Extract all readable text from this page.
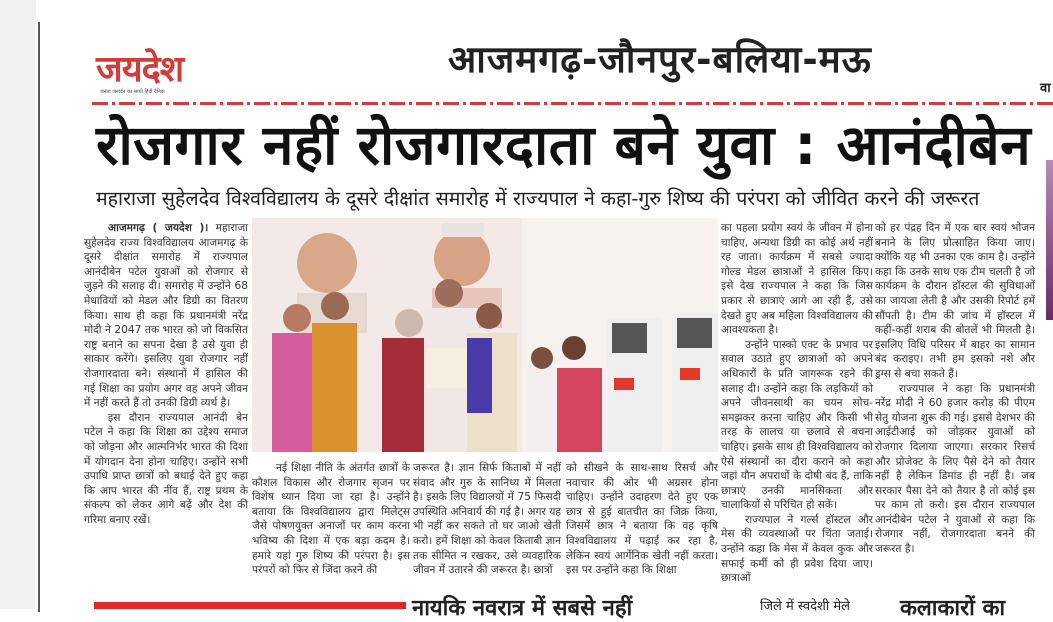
जयदेश
जनता जनार्दन का साथी हिंदी दैनिक
आजमगढ़-जौनपुर-बलिया-मऊ
वा
रोजगार नहीं रोजगारदाता बने युवा : आनंदीबेन
महाराजा सुहेलदेव विश्वविद्यालय के दूसरे दीक्षांत समारोह में राज्यपाल ने कहा-गुरु शिष्य की परंपरा को जीवित करने की जरूरत

आजमगढ़ ( जयदेश )। महाराजा सुहेलदेव राज्य विश्वविद्यालय आजमगढ़ के दूसरे दीक्षांत समारोह में राज्यपाल आनंदीबेन पटेल युवाओं को रोजगार से जुड़ने की सलाह दी। समारोह में उन्होंने 68 मेधावियों को मेडल और डिग्री का वितरण किया। साथ ही कहा कि प्रधानमंत्री नरेंद्र मोदी ने 2047 तक भारत को जो विकसित राष्ट्र बनाने का सपना देखा है उसे युवा ही साकार करेंगे। इसलिए युवा रोजगार नहीं रोजगारदाता बने। संस्थानों में हासिल की गई शिक्षा का प्रयोग अगर वह अपने जीवन में नहीं करते हैं तो उनकी डिग्री व्यर्थ है।

इस दौरान राज्यपाल आनंदी बेन पटेल ने कहा कि शिक्षा का उद्देश्य समाज को जोड़ना और आत्मनिर्भर भारत की दिशा में योगदान देना होना चाहिए। उन्होंने सभी उपाधि प्राप्त छात्रों को बधाई देते हुए कहा कि आप भारत की नींव हैं, राष्ट्र प्रथम के संकल्प को लेकर आगे बढ़ें और देश की गरिमा बनाए रखें।

नई शिक्षा नीति के अंतर्गत छात्रों के कौशल विकास और रोजगार सृजन पर विशेष ध्यान दिया जा रहा है। उन्होंने बताया कि विश्वविद्यालय द्वारा मिलेट्स जैसे पोषणयुक्त अनाजों पर काम करना भविष्य की दिशा में एक बड़ा कदम है। हमारे यहां गुरु शिष्य की परंपरा है। इस परंपरों को फिर से जिंदा करने की

जरूरत है। ज्ञान सिर्फ किताबों में नहीं संवाद और गुरु के सानिध्य में मिलता है। इसके लिए विद्यालयों में 75 फिसदी उपस्थिति अनिवार्य की गई है। अगर यह भी नहीं कर सकते तो घर जाओ खेती करो। हमें शिक्षा को केवल किताबी ज्ञान तक सीमित न रखकर, उसे व्यवहारिक जीवन में उतारने की जरूरत है। छात्रों

को सीखने के साथ-साथ रिसर्च और नवाचार की ओर भी अग्रसर होना चाहिए। उन्होंने उदाहरण देते हुए एक छात्र से हुई बातचीत का जिक्र किया, जिसमें छात्र ने बताया कि वह कृषि विश्वविद्यालय में पढ़ाई कर रहा है, लेकिन स्वयं आर्गेनिक खेती नहीं करता। इस पर उन्होंने कहा कि शिक्षा

का पहला प्रयोग स्वयं के जीवन में होना चाहिए, अन्यथा डिग्री का कोई अर्थ नहीं रह जाता। कार्यक्रम में सबसे ज्यादा गोल्ड मेडल छात्राओं ने हासिल किए। इसे देख राज्यपाल ने कहा कि जिस प्रकार से छात्राएं आगे आ रही हैं, उसे देखते हुए अब महिला विश्वविद्यालय की आवश्यकता है।

उन्होंने पास्को एक्ट के प्रभाव पर सवाल उठाते हुए छात्राओं को अपने अधिकारों के प्रति जागरूक रहने की सलाह दी। उन्होंने कहा कि लड़कियों को अपने जीवनसाथी का चयन सोच-समझकर करना चाहिए और किसी भी तरह के लालच या छलावे से बचना चाहिए। इसके साथ ही विश्वविद्यालय को ऐसे संस्थानों का दौरा कराने को कहा जहां यौन अपराधों के दोषी बंद हैं, ताकि छात्राएं उनकी मानसिकता और चालाकियों से परिचित हो सकें।

राज्यपाल ने गर्ल्स हॉस्टल और मेस की व्यवस्थाओं पर चिंता जताई। उन्होंने कहा कि मेस में केवल कुक और सफाई कर्मी को ही प्रवेश दिया जाए। छात्राओं

को हर पंद्रह दिन में एक बार स्वयं भोजन बनाने के लिए प्रोत्साहित किया जाए। क्योंकि यह भी उनका एक काम है। उन्होंने कहा कि उनके साथ एक टीम चलती है जो कार्यक्रम के दौरान हॉस्टल की सुविधाओं का जायजा लेती है और उसकी रिपोर्ट हमें सौंपती है। टीम की जांच में हॉस्टल में कहीं-कहीं शराब की बोतलें भी मिलती है। इसलिए विधि परिसर में बाहर का सामान बंद कराइए। तभी हम इसको नशे और ड्रग्स से बचा सकते हैं।

राज्यपाल ने कहा कि प्रधानमंत्री नरेंद्र मोदी ने 60 हजार करोड़ की पीएम सेतु योजना शुरू की गई। इससे देशभर की आईटीआई को जोड़कर युवाओं को रोजगार दिलाया जाएगा। सरकार रिसर्च और प्रोजेक्ट के लिए पैसे देने को तैयार नहीं है लेकिन डिमांड ही नहीं है। जब सरकार पैसा देने को तैयार है तो कोई इस पर काम तो करो। इस दौरान राज्यपाल आनंदीबेन पटेल ने युवाओं से कहा कि रोजगार नहीं, रोजगारदाता बनने की जरूरत है।

नायकि नवरात्र में सबसे नहीं	जिले में स्वदेशी मेले कलाकारों का
